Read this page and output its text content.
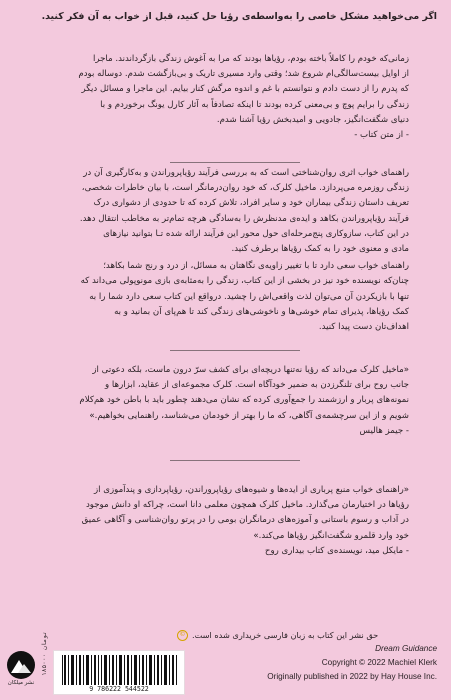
اگر می‌خواهید مشکل خاصی را به‌واسطه‌ی رؤیا حل کنید، قبل از خواب به آن فکر کنید.

زمانی‌که خودم را کاملاً باخته بودم، رؤیاها بودند که مرا به آغوش زندگی بازگرداندند. ماجرا

از اوایل بیست‌سالگی‌ام شروع شد؛ وقتی وارد مسیری تاریک و بی‌بازگشت شدم. دوساله بودم

که پدرم را از دست دادم و نتوانستم با غم و اندوه مرگش کنار بیایم. این ماجرا و مسائل دیگر

زندگی را برایم پوچ و بی‌معنی کرده بودند تا اینکه تصادفاً به آثار کارل یونگ برخوردم و با

دنیای شگفت‌انگیز، جادویی و امیدبخش رؤیا آشنا شدم.

- از متن کتاب -

راهنمای خواب اثری روان‌شناختی است که به بررسی فرآیند رؤیاپروراندن و به‌کارگیری آن در

زندگی روزمره می‌پردازد. ماخیل کلرک، که خود روان‌درمانگر است، با بیان خاطرات شخصی،

تعریف داستان زندگی بیماران خود و سایر افراد، تلاش کرده که تا حدودی از دشواری درک

فرآیند رؤیاپروراندن بکاهد و ایده‌ی مدنظرش را به‌سادگی هرچه تمام‌تر به مخاطب انتقال دهد.

در این کتاب، سازوکاری پنج‌مرحله‌ای حول محور این فرآیند ارائه شده تـا بتوانید نیازهای

مادی و معنوی خود را به کمک رؤیاها برطرف کنید.

راهنمای خواب سعی دارد تا با تغییر زاویه‌ی نگاهتان به مسائل، از درد و رنج شما بکاهد؛

چنان‌که نویسنده خود نیز در بخشی از این کتاب، زندگی را به‌مثابه‌ی بازی مونوپولی می‌داند که

تنها با بازیکردن آن می‌توان لذت واقعی‌اش را چشید. درواقع این کتاب سعی دارد شما را به

کمک رؤیاها، پذیرای تمام خوشی‌ها و ناخوشی‌های زندگی کند تا هم‌پای آن بمانید و به

اهداف‌تان دست پیدا کنید.

«ماخیل کلرک می‌داند که رؤیا نه‌تنها دریچه‌ای برای کشف سرّ درون ماست، بلکه دعوتی از

جانب روح برای تلنگرزدن به ضمیر خودآگاه است. کلرک مجموعه‌ای از عقاید، ابزارها و

نمونه‌های پربار و ارزشمند را جمع‌آوری کرده که نشان می‌دهند چطور باید با باطن خود هم‌کلام

شویم و از این سرچشمه‌ی آگاهی، که ما را بهتر از خودمان می‌شناسد، راهنمایی بخواهیم.»

- جیمز هالیس

«راهنمای خواب منبع پرباری از ایده‌ها و شیوه‌های رؤیاپروراندن، رؤیاپردازی و پندآموزی از

رؤیاها در اختیارمان می‌گذارد. ماخیل کلرک همچون معلمی دانا است، چراکه او دانش موجود

در آداب و رسوم باستانی و آموزه‌های درمانگران بومی را در پرتو روان‌شناسی و آگاهی عمیق

خود وارد قلمرو شگفت‌انگیز رؤیاها می‌کند.»

- مایکل مید، نویسنده‌ی کتاب بیداری روح

نشر میلکان
۱۸۵۰۰۰ تومان
9 786222 544522
حق نشر این کتاب به زبان فارسی خریداری شده است.
©
Dream Guidance
Copyright © 2022 Machiel Klerk
Originally published in 2022 by Hay House Inc.
